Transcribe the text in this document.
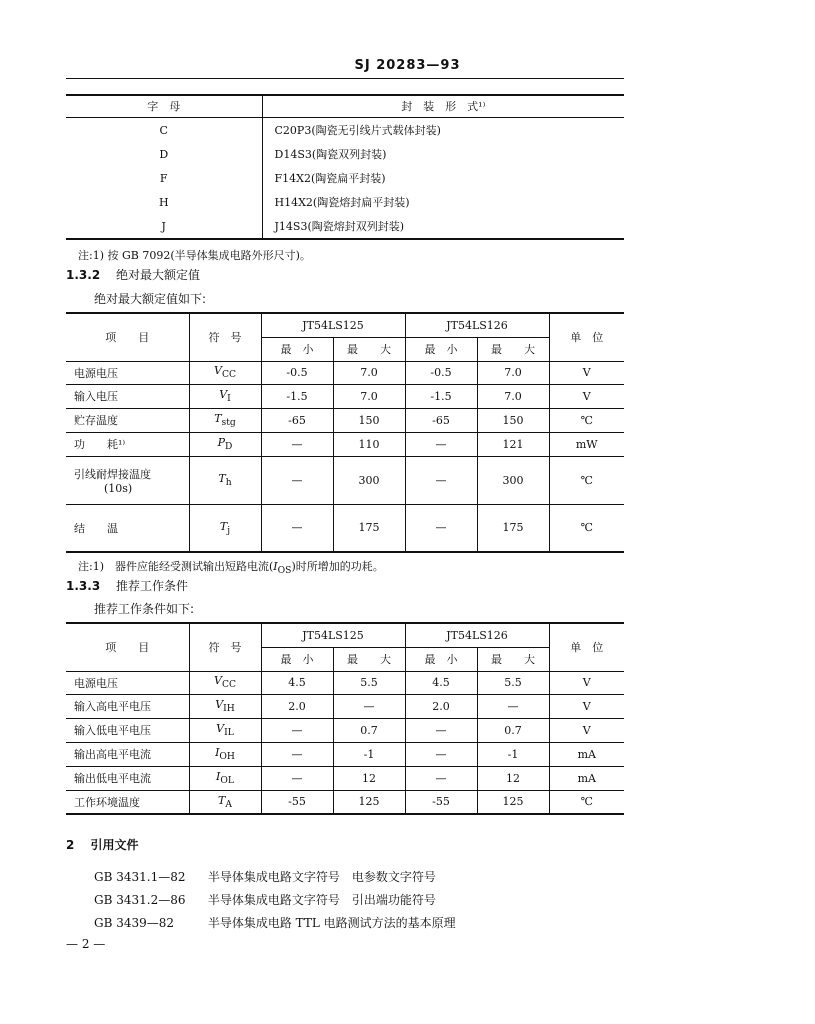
SJ 20283—93
字　母	封　装　形　式¹⁾
C	C20P3(陶瓷无引线片式载体封装)
D	D14S3(陶瓷双列封装)
F	F14X2(陶瓷扁平封装)
H	H14X2(陶瓷熔封扁平封装)
J	J14S3(陶瓷熔封双列封装)
注:1) 按 GB 7092(半导体集成电路外形尺寸)。
1.3.2　 绝对最大额定值
绝对最大额定值如下:
项　　目	符　号	JT54LS125		JT54LS126		单　位
		最　小	最　　大	最　小	最　　大	
电源电压	$V_{CC}$	-0.5	7.0	-0.5	7.0	V
输入电压	$V_I$	-1.5	7.0	-1.5	7.0	V
贮存温度	$T_{stg}$	-65	150	-65	150	℃
功　　耗¹⁾	$P_D$	—	110	—	121	mW

引线耐焊接温度
(10s)	$T_h$	—	300	—	300	℃
结　　温	$T_j$	—	175	—	175	℃
注:1)　器件应能经受测试输出短路电流$(I_{OS})$时所增加的功耗。
1.3.3　 推荐工作条件
推荐工作条件如下:
项　　目	符　号	JT54LS125		JT54LS126		单　位
		最　小	最　　大	最　小	最　　大	
电源电压	$V_{CC}$	4.5	5.5	4.5	5.5	V
输入高电平电压	$V_{IH}$	2.0	—	2.0	—	V
输入低电平电压	$V_{IL}$	—	0.7	—	0.7	V
输出高电平电流	$I_{OH}$	—	-1	—	-1	mA
输出低电平电流	$I_{OL}$	—	12	—	12	mA
工作环境温度	$T_A$	-55	125	-55	125	℃
2　 引用文件
GB 3431.1—82 半导体集成电路文字符号　电参数文字符号
GB 3431.2—86 半导体集成电路文字符号　引出端功能符号
GB 3439—82	半导体集成电路 TTL 电路测试方法的基本原理
— 2 —
